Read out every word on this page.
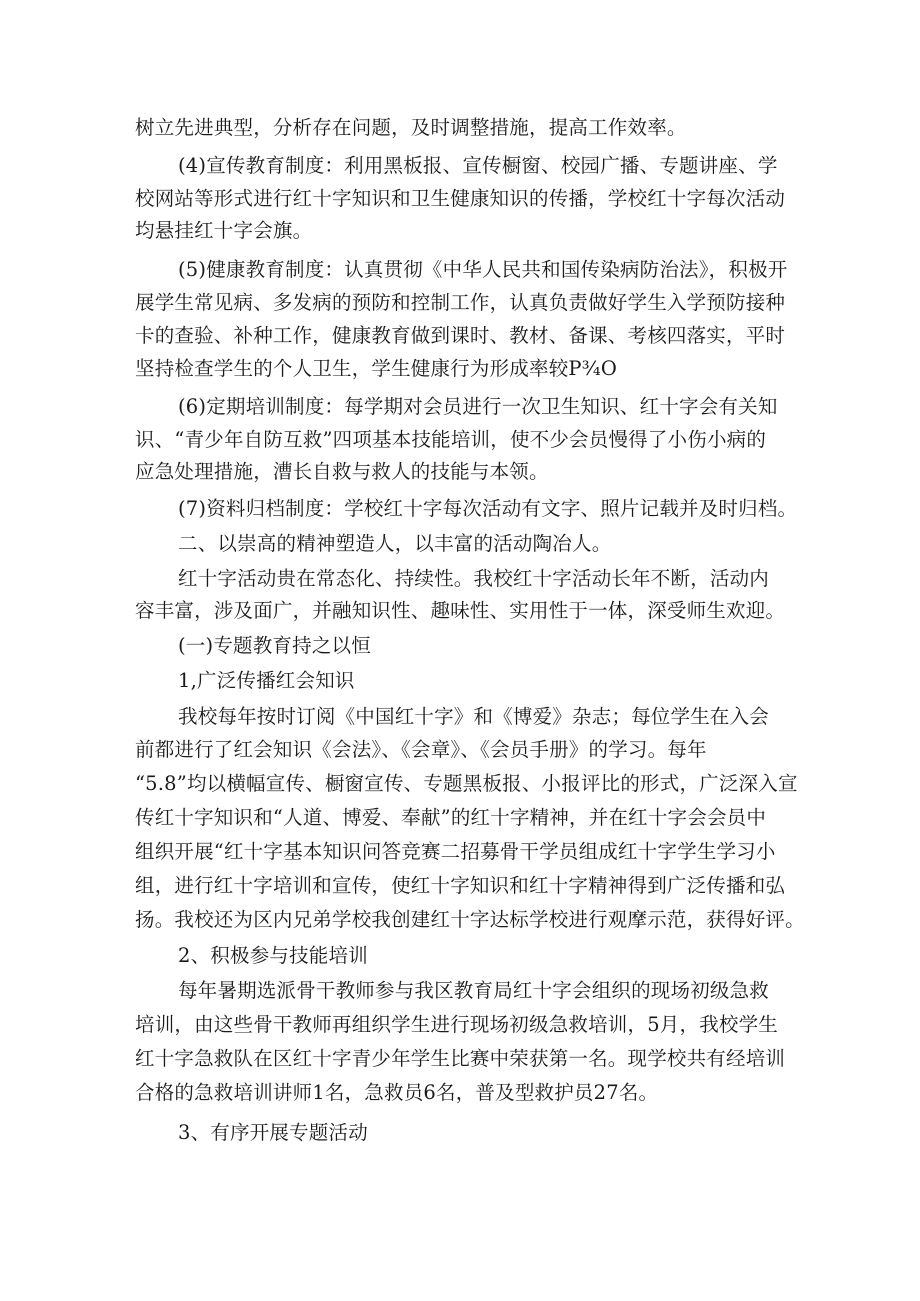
树立先进典型，分析存在问题，及时调整措施，提高工作效率。
(4)宣传教育制度：利用黑板报、宣传橱窗、校园广播、专题讲座、学
校网站等形式进行红十字知识和卫生健康知识的传播，学校红十字每次活动
均悬挂红十字会旗。
(5)健康教育制度：认真贯彻《中华人民共和国传染病防治法》，积极开
展学生常见病、多发病的预防和控制工作，认真负责做好学生入学预防接种
卡的查验、补种工作，健康教育做到课时、教材、备课、考核四落实，平时
坚持检查学生的个人卫生，学生健康行为形成率较P¾O
(6)定期培训制度：每学期对会员进行一次卫生知识、红十字会有关知
识、“青少年自防互救”四项基本技能培训，使不少会员慢得了小伤小病的
应急处理措施，漕长自救与救人的技能与本领。
(7)资料归档制度：学校红十字每次活动有文字、照片记载并及时归档。
二、以崇高的精神塑造人，以丰富的活动陶冶人。
红十字活动贵在常态化、持续性。我校红十字活动长年不断，活动内
容丰富，涉及面广，并融知识性、趣味性、实用性于一体，深受师生欢迎。
(一)专题教育持之以恒
1,广泛传播红会知识
我校每年按时订阅《中国红十字》和《博爱》杂志；每位学生在入会
前都进行了红会知识《会法》、《会章》、《会员手册》的学习。每年
“5.8”均以横幅宣传、橱窗宣传、专题黑板报、小报评比的形式，广泛深入宣
传红十字知识和“人道、博爱、奉献”的红十字精神，并在红十字会会员中
组织开展“红十字基本知识问答竞赛二招募骨干学员组成红十字学生学习小
组，进行红十字培训和宣传，使红十字知识和红十字精神得到广泛传播和弘
扬。我校还为区内兄弟学校我创建红十字达标学校进行观摩示范，获得好评。
2、积极参与技能培训
每年暑期选派骨干教师参与我区教育局红十字会组织的现场初级急救
培训，由这些骨干教师再组织学生进行现场初级急救培训，5月，我校学生
红十字急救队在区红十字青少年学生比赛中荣获第一名。现学校共有经培训
合格的急救培训讲师1名，急救员6名，普及型救护员27名。
3、有序开展专题活动
